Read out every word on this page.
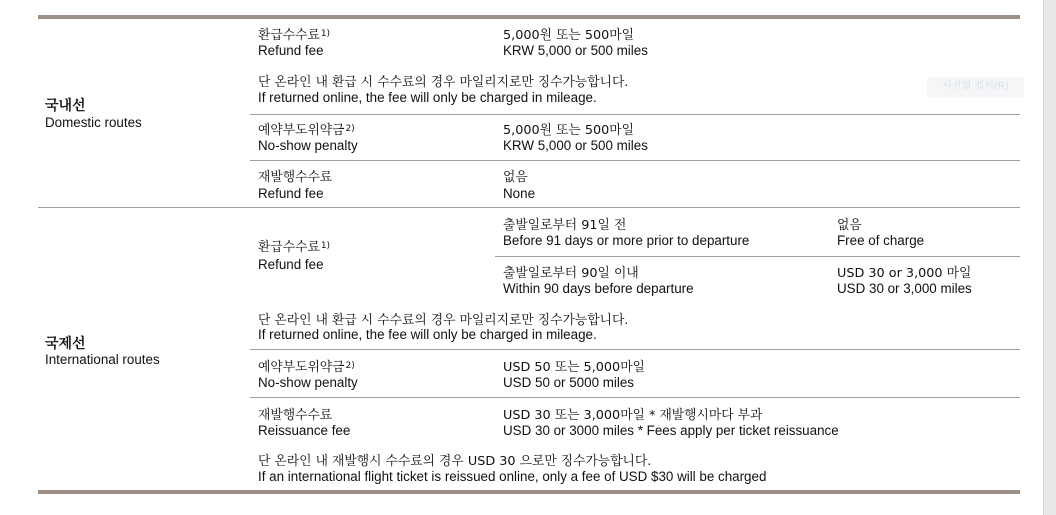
국내선
Domestic routes
환급수수료$^{1)}$
Refund fee
5,000원 또는 500마일
KRW 5,000 or 500 miles
단 온라인 내 환급 시 수수료의 경우 마일리지로만 징수가능합니다.
If returned online, the fee will only be charged in mileage.
예약부도위약금$^{2)}$
No-show penalty
5,000원 또는 500마일
KRW 5,000 or 500 miles
재발행수수료
Refund fee
없음
None
국제선
International routes
환급수수료$^{1)}$
Refund fee
출발일로부터 91일 전
Before 91 days or more prior to departure
없음
Free of charge
출발일로부터 90일 이내
Within 90 days before departure
USD 30 or 3,000 마일
USD 30 or 3,000 miles
단 온라인 내 환급 시 수수료의 경우 마일리지로만 징수가능합니다.
If returned online, the fee will only be charged in mileage.
예약부도위약금$^{2)}$
No-show penalty
USD 50 또는 5,000마일
USD 50 or 5000 miles
재발행수수료
Reissuance fee
USD 30 또는 3,000마일 * 재발행시마다 부과
USD 30 or 3000 miles * Fees apply per ticket reissuance
단 온라인 내 재발행시 수수료의 경우 USD 30 으로만 징수가능합니다.
If an international flight ticket is reissued online, only a fee of USD $30 will be charged
사진밑 캡처(R)
